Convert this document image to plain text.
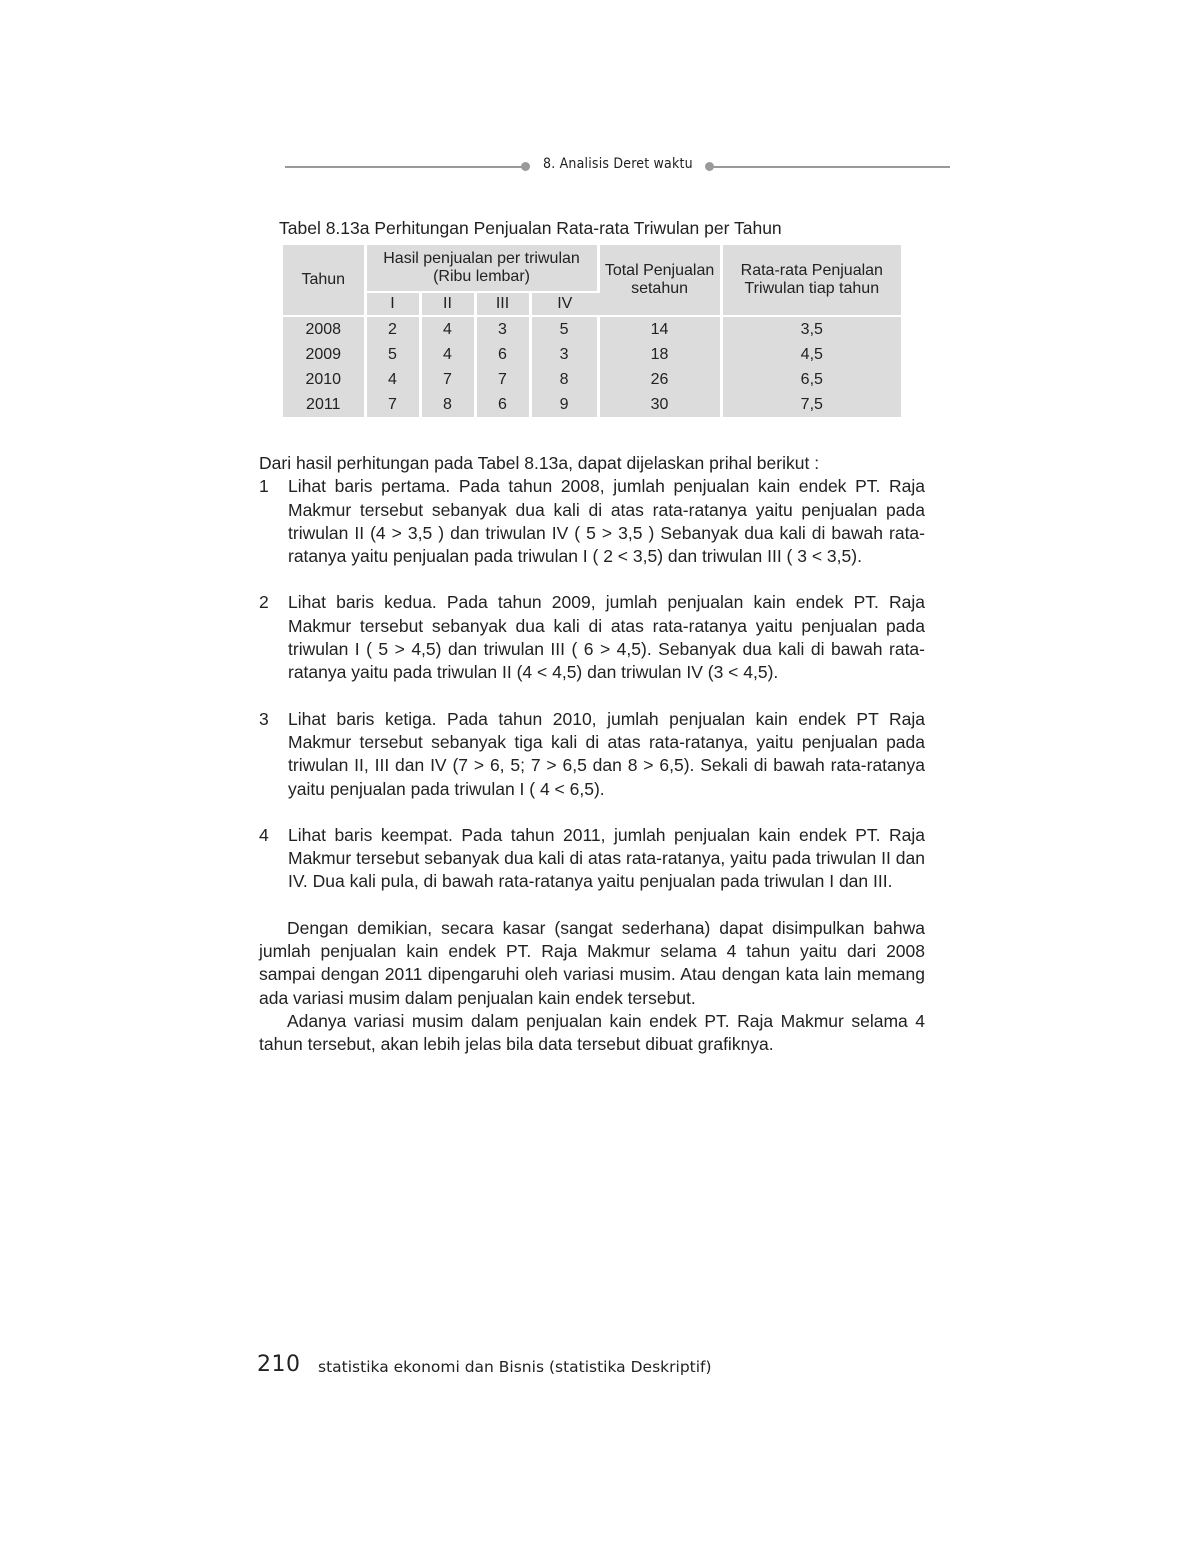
8. Analisis Deret waktu
Tabel 8.13a Perhitungan Penjualan Rata-rata Triwulan per Tahun
Tahun	Hasil penjualan per triwulan (Ribu lembar)				Total Penjualan setahun	Rata-rata Penjualan Triwulan tiap tahun
	I	II	III	IV		
2008	2	4	3	5	14	3,5
2009	5	4	6	3	18	4,5
2010	4	7	7	8	26	6,5
2011	7	8	6	9	30	7,5

Dari hasil perhitungan pada Tabel 8.13a, dapat dijelaskan prihal berikut :

1 Lihat baris pertama. Pada tahun 2008, jumlah penjualan kain endek PT. Raja Makmur tersebut sebanyak dua kali di atas rata-ratanya yaitu penjualan pada triwulan II (4 > 3,5 ) dan triwulan IV ( 5 > 3,5 ) Sebanyak dua kali di bawah rata-ratanya yaitu penjualan pada triwulan I ( 2 < 3,5) dan triwulan III ( 3 < 3,5).

2 Lihat baris kedua. Pada tahun 2009, jumlah penjualan kain endek PT. Raja Makmur tersebut sebanyak dua kali di atas rata-ratanya yaitu penjualan pada triwulan I ( 5 > 4,5) dan triwulan III ( 6 > 4,5). Sebanyak dua kali di bawah rata-ratanya yaitu pada triwulan II (4 < 4,5) dan triwulan IV (3 < 4,5).

3 Lihat baris ketiga. Pada tahun 2010, jumlah penjualan kain endek PT Raja Makmur tersebut sebanyak tiga kali di atas rata-ratanya, yaitu penjualan pada triwulan II, III dan IV (7 > 6, 5; 7 > 6,5 dan 8 > 6,5). Sekali di bawah rata-ratanya yaitu penjualan pada triwulan I ( 4 < 6,5).

4 Lihat baris keempat. Pada tahun 2011, jumlah penjualan kain endek PT. Raja Makmur tersebut sebanyak dua kali di atas rata-ratanya, yaitu pada triwulan II dan IV. Dua kali pula, di bawah rata-ratanya yaitu penjualan pada triwulan I dan III.

Dengan demikian, secara kasar (sangat sederhana) dapat disimpulkan bahwa jumlah penjualan kain endek PT. Raja Makmur selama 4 tahun yaitu dari 2008 sampai dengan 2011 dipengaruhi oleh variasi musim. Atau dengan kata lain memang ada variasi musim dalam penjualan kain endek tersebut.

Adanya variasi musim dalam penjualan kain endek PT. Raja Makmur selama 4 tahun tersebut, akan lebih jelas bila data tersebut dibuat grafiknya.

210 statistika ekonomi dan Bisnis (statistika Deskriptif)
